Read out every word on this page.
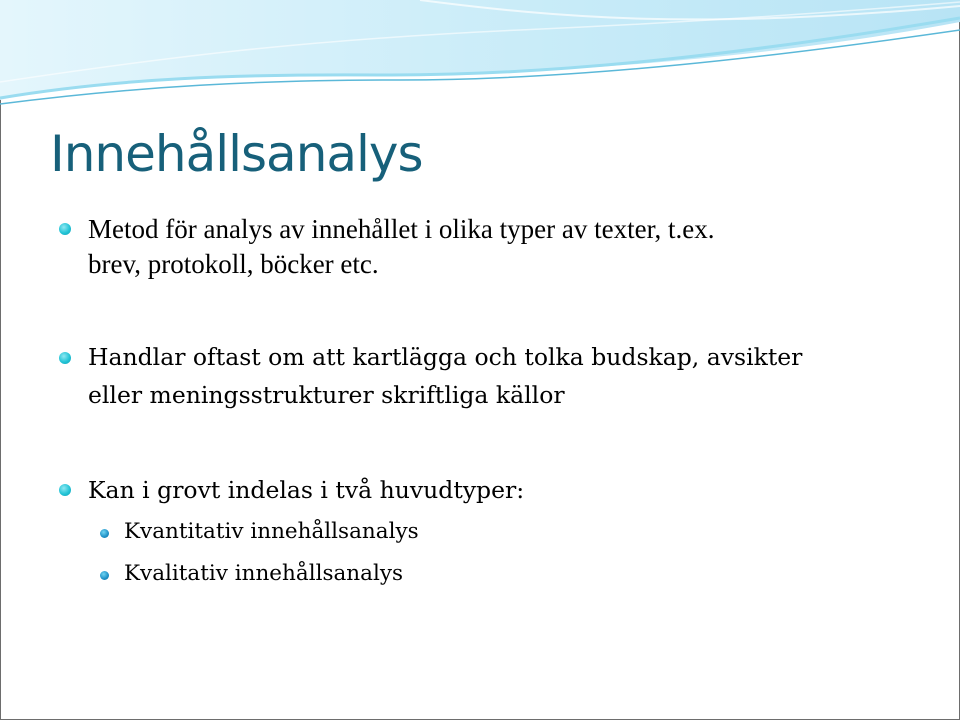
Innehållsanalys
Metod för analys av innehållet i olika typer av texter, t.ex.
brev, protokoll, böcker etc.
Handlar oftast om att kartlägga och tolka budskap, avsikter
eller meningsstrukturer skriftliga källor
Kan i grovt indelas i två huvudtyper:
Kvantitativ innehållsanalys
Kvalitativ innehållsanalys
